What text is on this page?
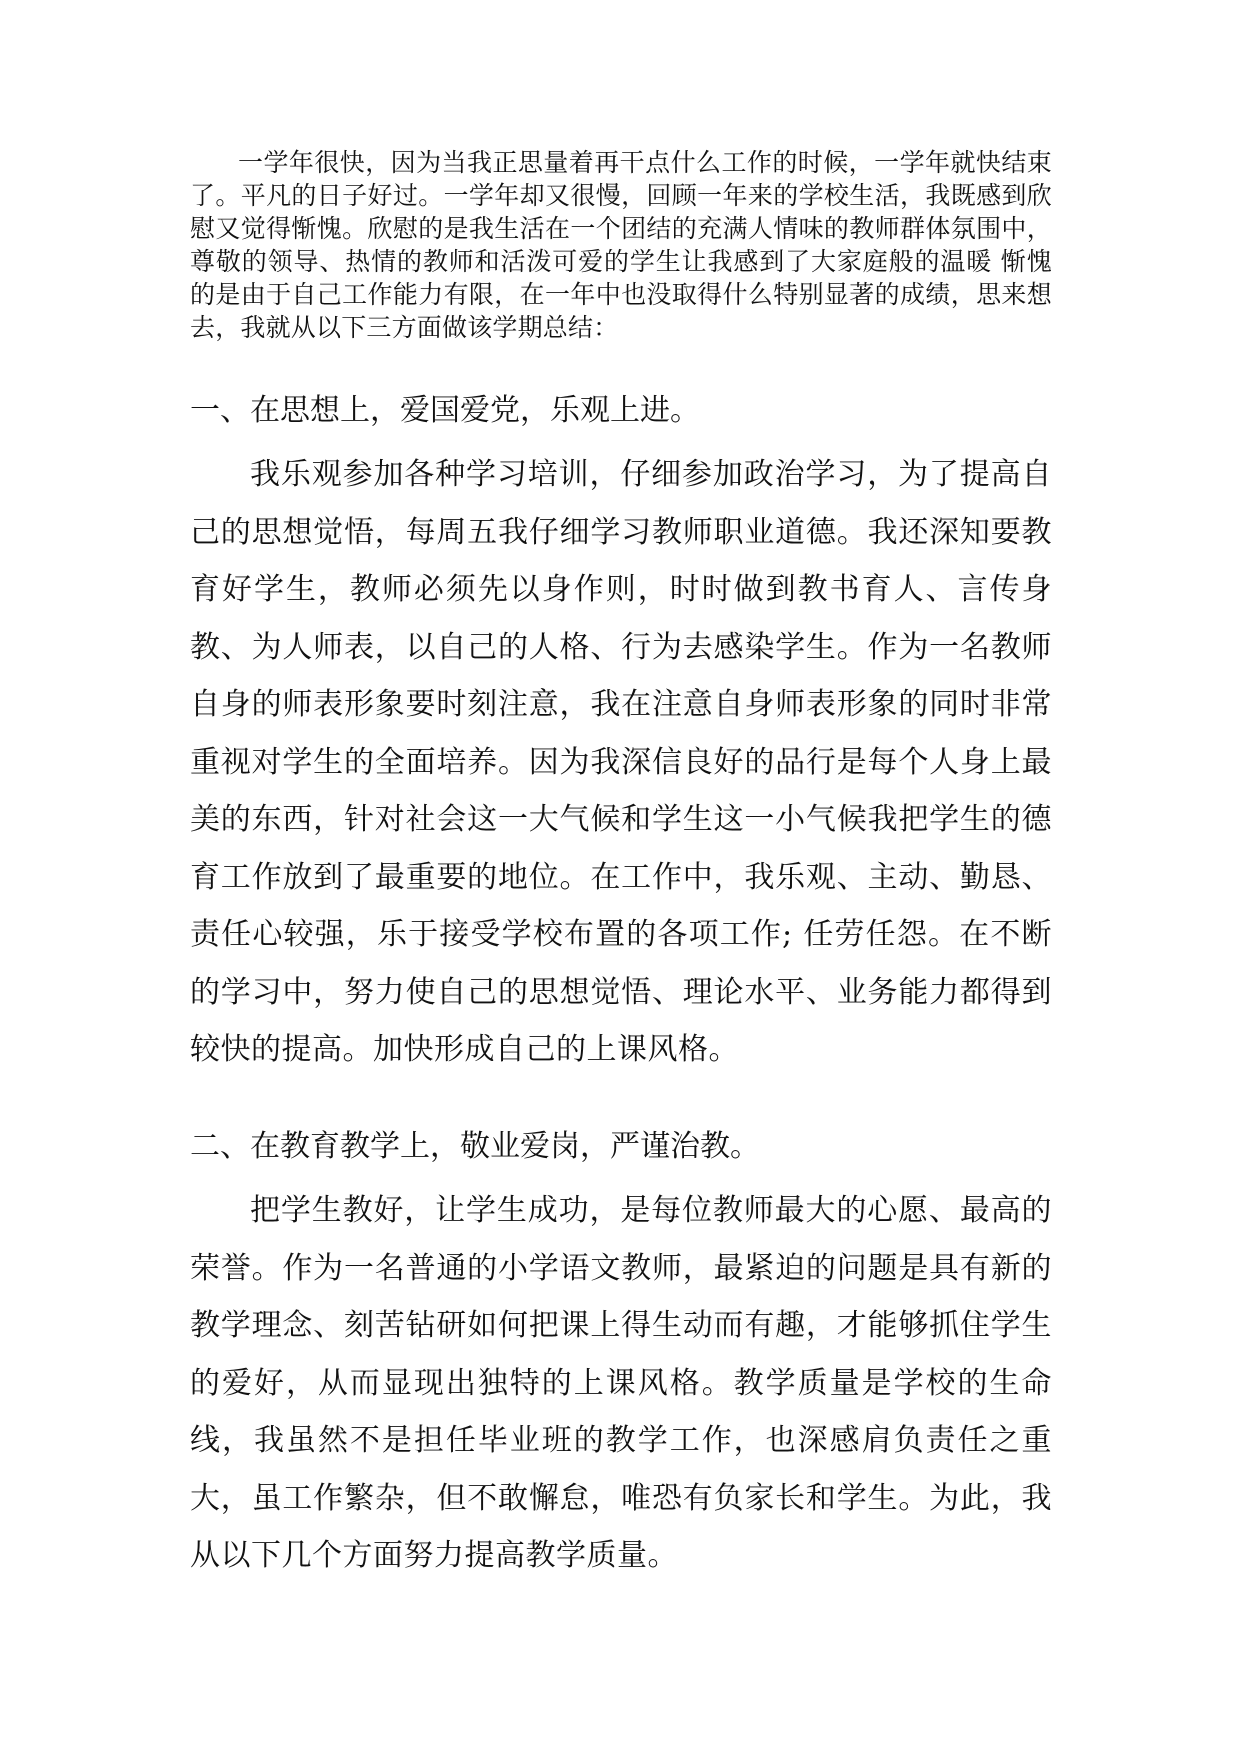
一学年很快，因为当我正思量着再干点什么工作的时候，一学年就快结束了。平凡的日子好过。一学年却又很慢，回顾一年来的学校生活，我既感到欣慰又觉得惭愧。欣慰的是我生活在一个团结的充满人情味的教师群体氛围中，尊敬的领导、热情的教师和活泼可爱的学生让我感到了大家庭般的温暖 惭愧的是由于自己工作能力有限，在一年中也没取得什么特别显著的成绩，思来想去，我就从以下三方面做该学期总结：

一、在思想上，爱国爱党，乐观上进。

我乐观参加各种学习培训，仔细参加政治学习，为了提高自己的思想觉悟，每周五我仔细学习教师职业道德。我还深知要教育好学生，教师必须先以身作则，时时做到教书育人、言传身教、为人师表，以自己的人格、行为去感染学生。作为一名教师自身的师表形象要时刻注意，我在注意自身师表形象的同时非常重视对学生的全面培养。因为我深信良好的品行是每个人身上最美的东西，针对社会这一大气候和学生这一小气候我把学生的德育工作放到了最重要的地位。在工作中，我乐观、主动、勤恳、责任心较强，乐于接受学校布置的各项工作; 任劳任怨。在不断的学习中，努力使自己的思想觉悟、理论水平、业务能力都得到较快的提高。加快形成自己的上课风格。

二、在教育教学上，敬业爱岗，严谨治教。

把学生教好，让学生成功，是每位教师最大的心愿、最高的荣誉。作为一名普通的小学语文教师，最紧迫的问题是具有新的教学理念、刻苦钻研如何把课上得生动而有趣，才能够抓住学生的爱好，从而显现出独特的上课风格。教学质量是学校的生命线，我虽然不是担任毕业班的教学工作，也深感肩负责任之重大，虽工作繁杂，但不敢懈怠，唯恐有负家长和学生。为此，我从以下几个方面努力提高教学质量。
